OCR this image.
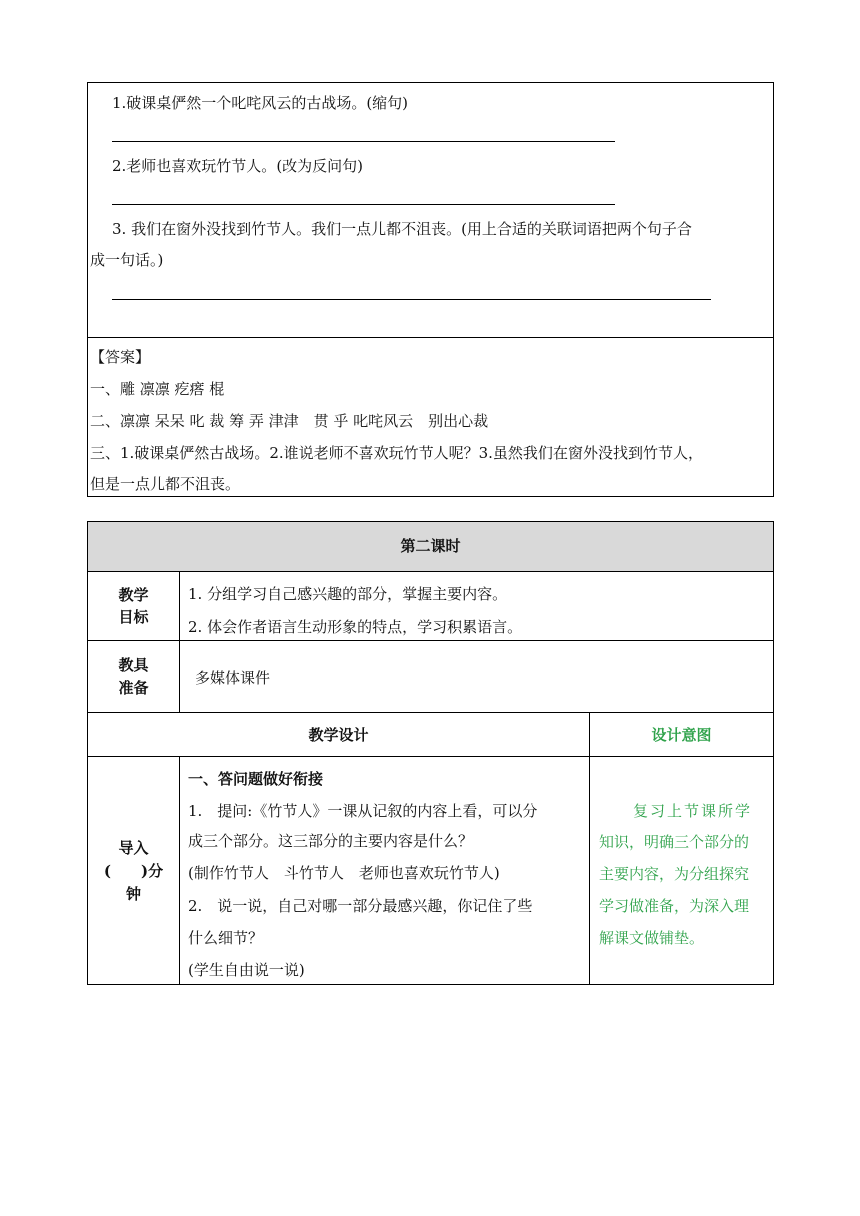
1.破课桌俨然一个叱咤风云的古战场。(缩句)
2.老师也喜欢玩竹节人。(改为反问句)
3. 我们在窗外没找到竹节人。我们一点儿都不沮丧。(用上合适的关联词语把两个句子合
成一句话。)
【答案】
一、雕 凛凛 疙瘩 棍
二、凛凛 呆呆 叱 裁 筹 弄 津津　贯 乎 叱咤风云　别出心裁
三、1.破课桌俨然古战场。2.谁说老师不喜欢玩竹节人呢？3.虽然我们在窗外没找到竹节人，
但是一点儿都不沮丧。
第二课时
教学
目标
1. 分组学习自己感兴趣的部分，掌握主要内容。
2. 体会作者语言生动形象的特点，学习积累语言。
教具
准备
多媒体课件
教学设计	设计意图
导入
(　　)分
钟
一、答问题做好衔接
1.　提问:《竹节人》一课从记叙的内容上看，可以分
成三个部分。这三部分的主要内容是什么？
(制作竹节人　斗竹节人　老师也喜欢玩竹节人)
2.　说一说，自己对哪一部分最感兴趣，你记住了些
什么细节？
(学生自由说一说)
复习上节课所学
知识，明确三个部分的
主要内容，为分组探究
学习做准备，为深入理
解课文做铺垫。
